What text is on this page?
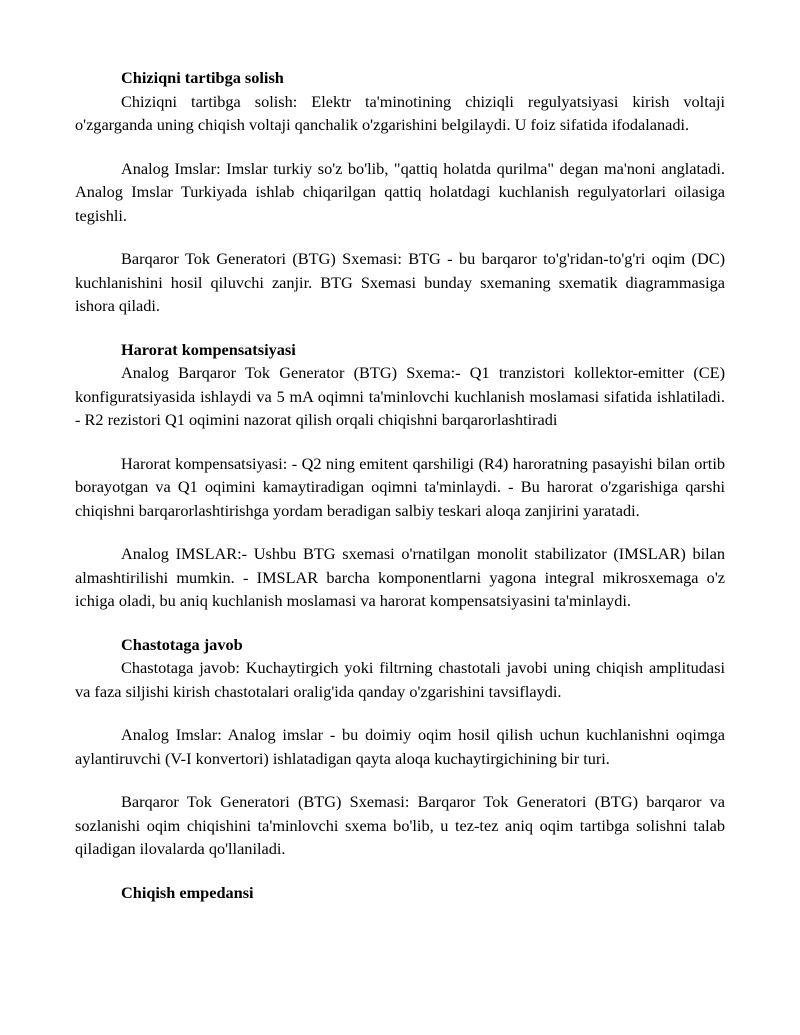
Chiziqni tartibga solish

Chiziqni tartibga solish: Elektr ta'minotining chiziqli regulyatsiyasi kirish voltaji o'zgarganda uning chiqish voltaji qanchalik o'zgarishini belgilaydi. U foiz sifatida ifodalanadi.

Analog Imslar: Imslar turkiy so'z bo'lib, "qattiq holatda qurilma" degan ma'noni anglatadi. Analog Imslar Turkiyada ishlab chiqarilgan qattiq holatdagi kuchlanish regulyatorlari oilasiga tegishli.

Barqaror Tok Generatori (BTG) Sxemasi: BTG - bu barqaror to'g'ridan-to'g'ri oqim (DC) kuchlanishini hosil qiluvchi zanjir. BTG Sxemasi bunday sxemaning sxematik diagrammasiga ishora qiladi.

Harorat kompensatsiyasi

Analog Barqaror Tok Generator (BTG) Sxema:- Q1 tranzistori kollektor-emitter (CE) konfiguratsiyasida ishlaydi va 5 mA oqimni ta'minlovchi kuchlanish moslamasi sifatida ishlatiladi. - R2 rezistori Q1 oqimini nazorat qilish orqali chiqishni barqarorlashtiradi

Harorat kompensatsiyasi: - Q2 ning emitent qarshiligi (R4) haroratning pasayishi bilan ortib borayotgan va Q1 oqimini kamaytiradigan oqimni ta'minlaydi. - Bu harorat o'zgarishiga qarshi chiqishni barqarorlashtirishga yordam beradigan salbiy teskari aloqa zanjirini yaratadi.

Analog IMSLAR:- Ushbu BTG sxemasi o'rnatilgan monolit stabilizator (IMSLAR) bilan almashtirilishi mumkin. - IMSLAR barcha komponentlarni yagona integral mikrosxemaga o'z ichiga oladi, bu aniq kuchlanish moslamasi va harorat kompensatsiyasini ta'minlaydi.

Chastotaga javob

Chastotaga javob: Kuchaytirgich yoki filtrning chastotali javobi uning chiqish amplitudasi va faza siljishi kirish chastotalari oralig'ida qanday o'zgarishini tavsiflaydi.

Analog Imslar: Analog imslar - bu doimiy oqim hosil qilish uchun kuchlanishni oqimga aylantiruvchi (V-I konvertori) ishlatadigan qayta aloqa kuchaytirgichining bir turi.

Barqaror Tok Generatori (BTG) Sxemasi: Barqaror Tok Generatori (BTG) barqaror va sozlanishi oqim chiqishini ta'minlovchi sxema bo'lib, u tez-tez aniq oqim tartibga solishni talab qiladigan ilovalarda qo'llaniladi.

Chiqish empedansi
